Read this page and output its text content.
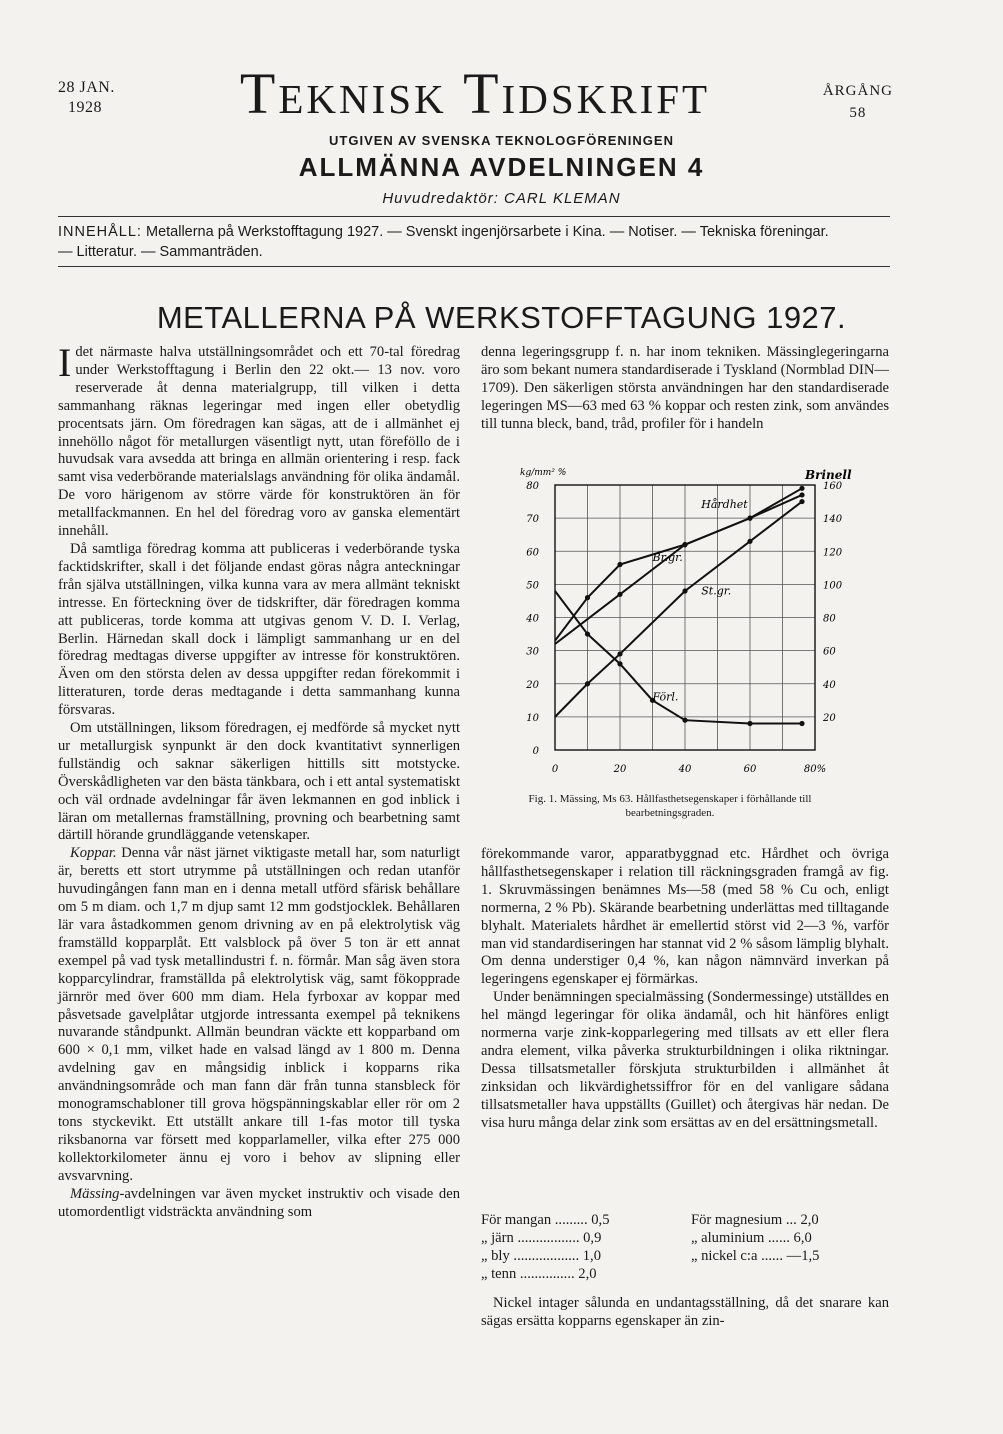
28 JAN.
1928	Teknisk Tidskrift	ÅRGÅNG
58
UTGIVEN AV SVENSKA TEKNOLOGFÖRENINGEN
ALLMÄNNA AVDELNINGEN 4
Huvudredaktör: CARL KLEMAN
INNEHÅLL: Metallerna på Werkstofftagung 1927. — Svenskt ingenjörsarbete i Kina. — Notiser. — Tekniska föreningar.
— Litteratur. — Sammanträden.
METALLERNA PÅ WERKSTOFFTAGUNG 1927.

Idet närmaste halva utställningsområdet och ett 70-tal föredrag under Werkstofftagung i Berlin den 22 okt.— 13 nov. voro reserverade åt denna materialgrupp, till vilken i detta sammanhang räknas legeringar med ingen eller obetydlig procentsats järn. Om föredragen kan sägas, att de i allmänhet ej innehöllo något för metallurgen väsentligt nytt, utan föreföllo de i huvudsak vara avsedda att bringa en allmän orientering i resp. fack samt visa vederbörande materialslags användning för olika ändamål. De voro härigenom av större värde för konstruktören än för metallfackmannen. En hel del föredrag voro av ganska elementärt innehåll.

Då samtliga föredrag komma att publiceras i vederbörande tyska facktidskrifter, skall i det följande endast göras några anteckningar från själva utställningen, vilka kunna vara av mera allmänt tekniskt intresse. En förteckning över de tidskrifter, där föredragen komma att publiceras, torde komma att utgivas genom V. D. I. Verlag, Berlin. Härnedan skall dock i lämpligt sammanhang ur en del föredrag medtagas diverse uppgifter av intresse för konstruktören. Även om den största delen av dessa uppgifter redan förekommit i litteraturen, torde deras medtagande i detta sammanhang kunna försvaras.

Om utställningen, liksom föredragen, ej medförde så mycket nytt ur metallurgisk synpunkt är den dock kvantitativt synnerligen fullständig och saknar säkerligen hittills sitt motstycke. Överskådligheten var den bästa tänkbara, och i ett antal systematiskt och väl ordnade avdelningar får även lekmannen en god inblick i läran om metallernas framställning, provning och bearbetning samt därtill hörande grundläggande vetenskaper.

Koppar. Denna vår näst järnet viktigaste metall har, som naturligt är, beretts ett stort utrymme på utställningen och redan utanför huvudingången fann man en i denna metall utförd sfärisk behållare om 5 m diam. och 1,7 m djup samt 12 mm godstjocklek. Behållaren lär vara åstadkommen genom drivning av en på elektrolytisk väg framställd kopparplåt. Ett valsblock på över 5 ton är ett annat exempel på vad tysk metallindustri f. n. förmår. Man såg även stora kopparcylindrar, framställda på elektrolytisk väg, samt fökopprade järnrör med över 600 mm diam. Hela fyrboxar av koppar med påsvetsade gavelplåtar utgjorde intressanta exempel på teknikens nuvarande ståndpunkt. Allmän beundran väckte ett kopparband om 600 × 0,1 mm, vilket hade en valsad längd av 1 800 m. Denna avdelning gav en mångsidig inblick i kopparns rika användningsområde och man fann där från tunna stansbleck för monogramschabloner till grova högspänningskablar eller rör om 2 tons styckevikt. Ett utställt ankare till 1-fas motor till tyska riksbanorna var försett med kopparlameller, vilka efter 275 000 kollektorkilometer ännu ej voro i behov av slipning eller avsvarvning.

Mässing-avdelningen var även mycket instruktiv och visade den utomordentligt vidsträckta användning som

denna legeringsgrupp f. n. har inom tekniken. Mässinglegeringarna äro som bekant numera standardiserade i Tyskland (Normblad DIN—1709). Den säkerligen största användningen har den standardiserade legeringen MS—63 med 63 % koppar och resten zink, som användes till tunna bleck, band, tråd, profiler för i handeln

0
10
20
30
40
50
60
70
80
20
40
60
80
100
120
140
160
0	20	40	60	80%
kg/mm² %	Brinell
Hårdhet
Br.gr.
St.gr.
Förl.
Fig. 1. Mässing, Ms 63. Hållfasthetsegenskaper i förhållande till bearbetningsgraden.

förekommande varor, apparatbyggnad etc. Hårdhet och övriga hållfasthetsegenskaper i relation till räckningsgraden framgå av fig. 1. Skruvmässingen benämnes Ms—58 (med 58 % Cu och, enligt normerna, 2 % Pb). Skärande bearbetning underlättas med tilltagande blyhalt. Materialets hårdhet är emellertid störst vid 2—3 %, varför man vid standardiseringen har stannat vid 2 % såsom lämplig blyhalt. Om denna understiger 0,4 %, kan någon nämnvärd inverkan på legeringens egenskaper ej förmärkas.

Under benämningen specialmässing (Sondermessinge) utställdes en hel mängd legeringar för olika ändamål, och hit hänföres enligt normerna varje zink-kopparlegering med tillsats av ett eller flera andra element, vilka påverka strukturbildningen i olika riktningar. Dessa tillsatsmetaller förskjuta strukturbilden i allmänhet åt zinksidan och likvärdighetssiffror för en del vanligare sådana tillsatsmetaller hava uppställts (Guillet) och återgivas här nedan. De visa huru många delar zink som ersättas av en del ersättningsmetall.

För mangan ......... 0,5	För magnesium ... 2,0
„ järn ................. 0,9	„ aluminium ...... 6,0
„ bly .................. 1,0	„ nickel c:a ...... —1,5
„ tenn ............... 2,0

Nickel intager sålunda en undantagsställning, då det snarare kan sägas ersätta kopparns egenskaper än zin-
